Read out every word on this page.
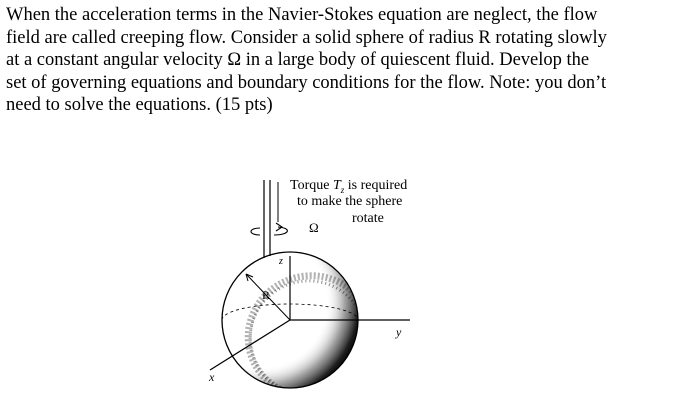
When the acceleration terms in the Navier-Stokes equation are neglect, the flow
field are called creeping flow. Consider a solid sphere of radius R rotating slowly
at a constant angular velocity Ω in a large body of quiescent fluid. Develop the
set of governing equations and boundary conditions for the flow. Note: you don’t
need to solve the equations. (15 pts)
Torque $T_z$ is required
to make the sphere
rotate
Ω
z
R
y
x
